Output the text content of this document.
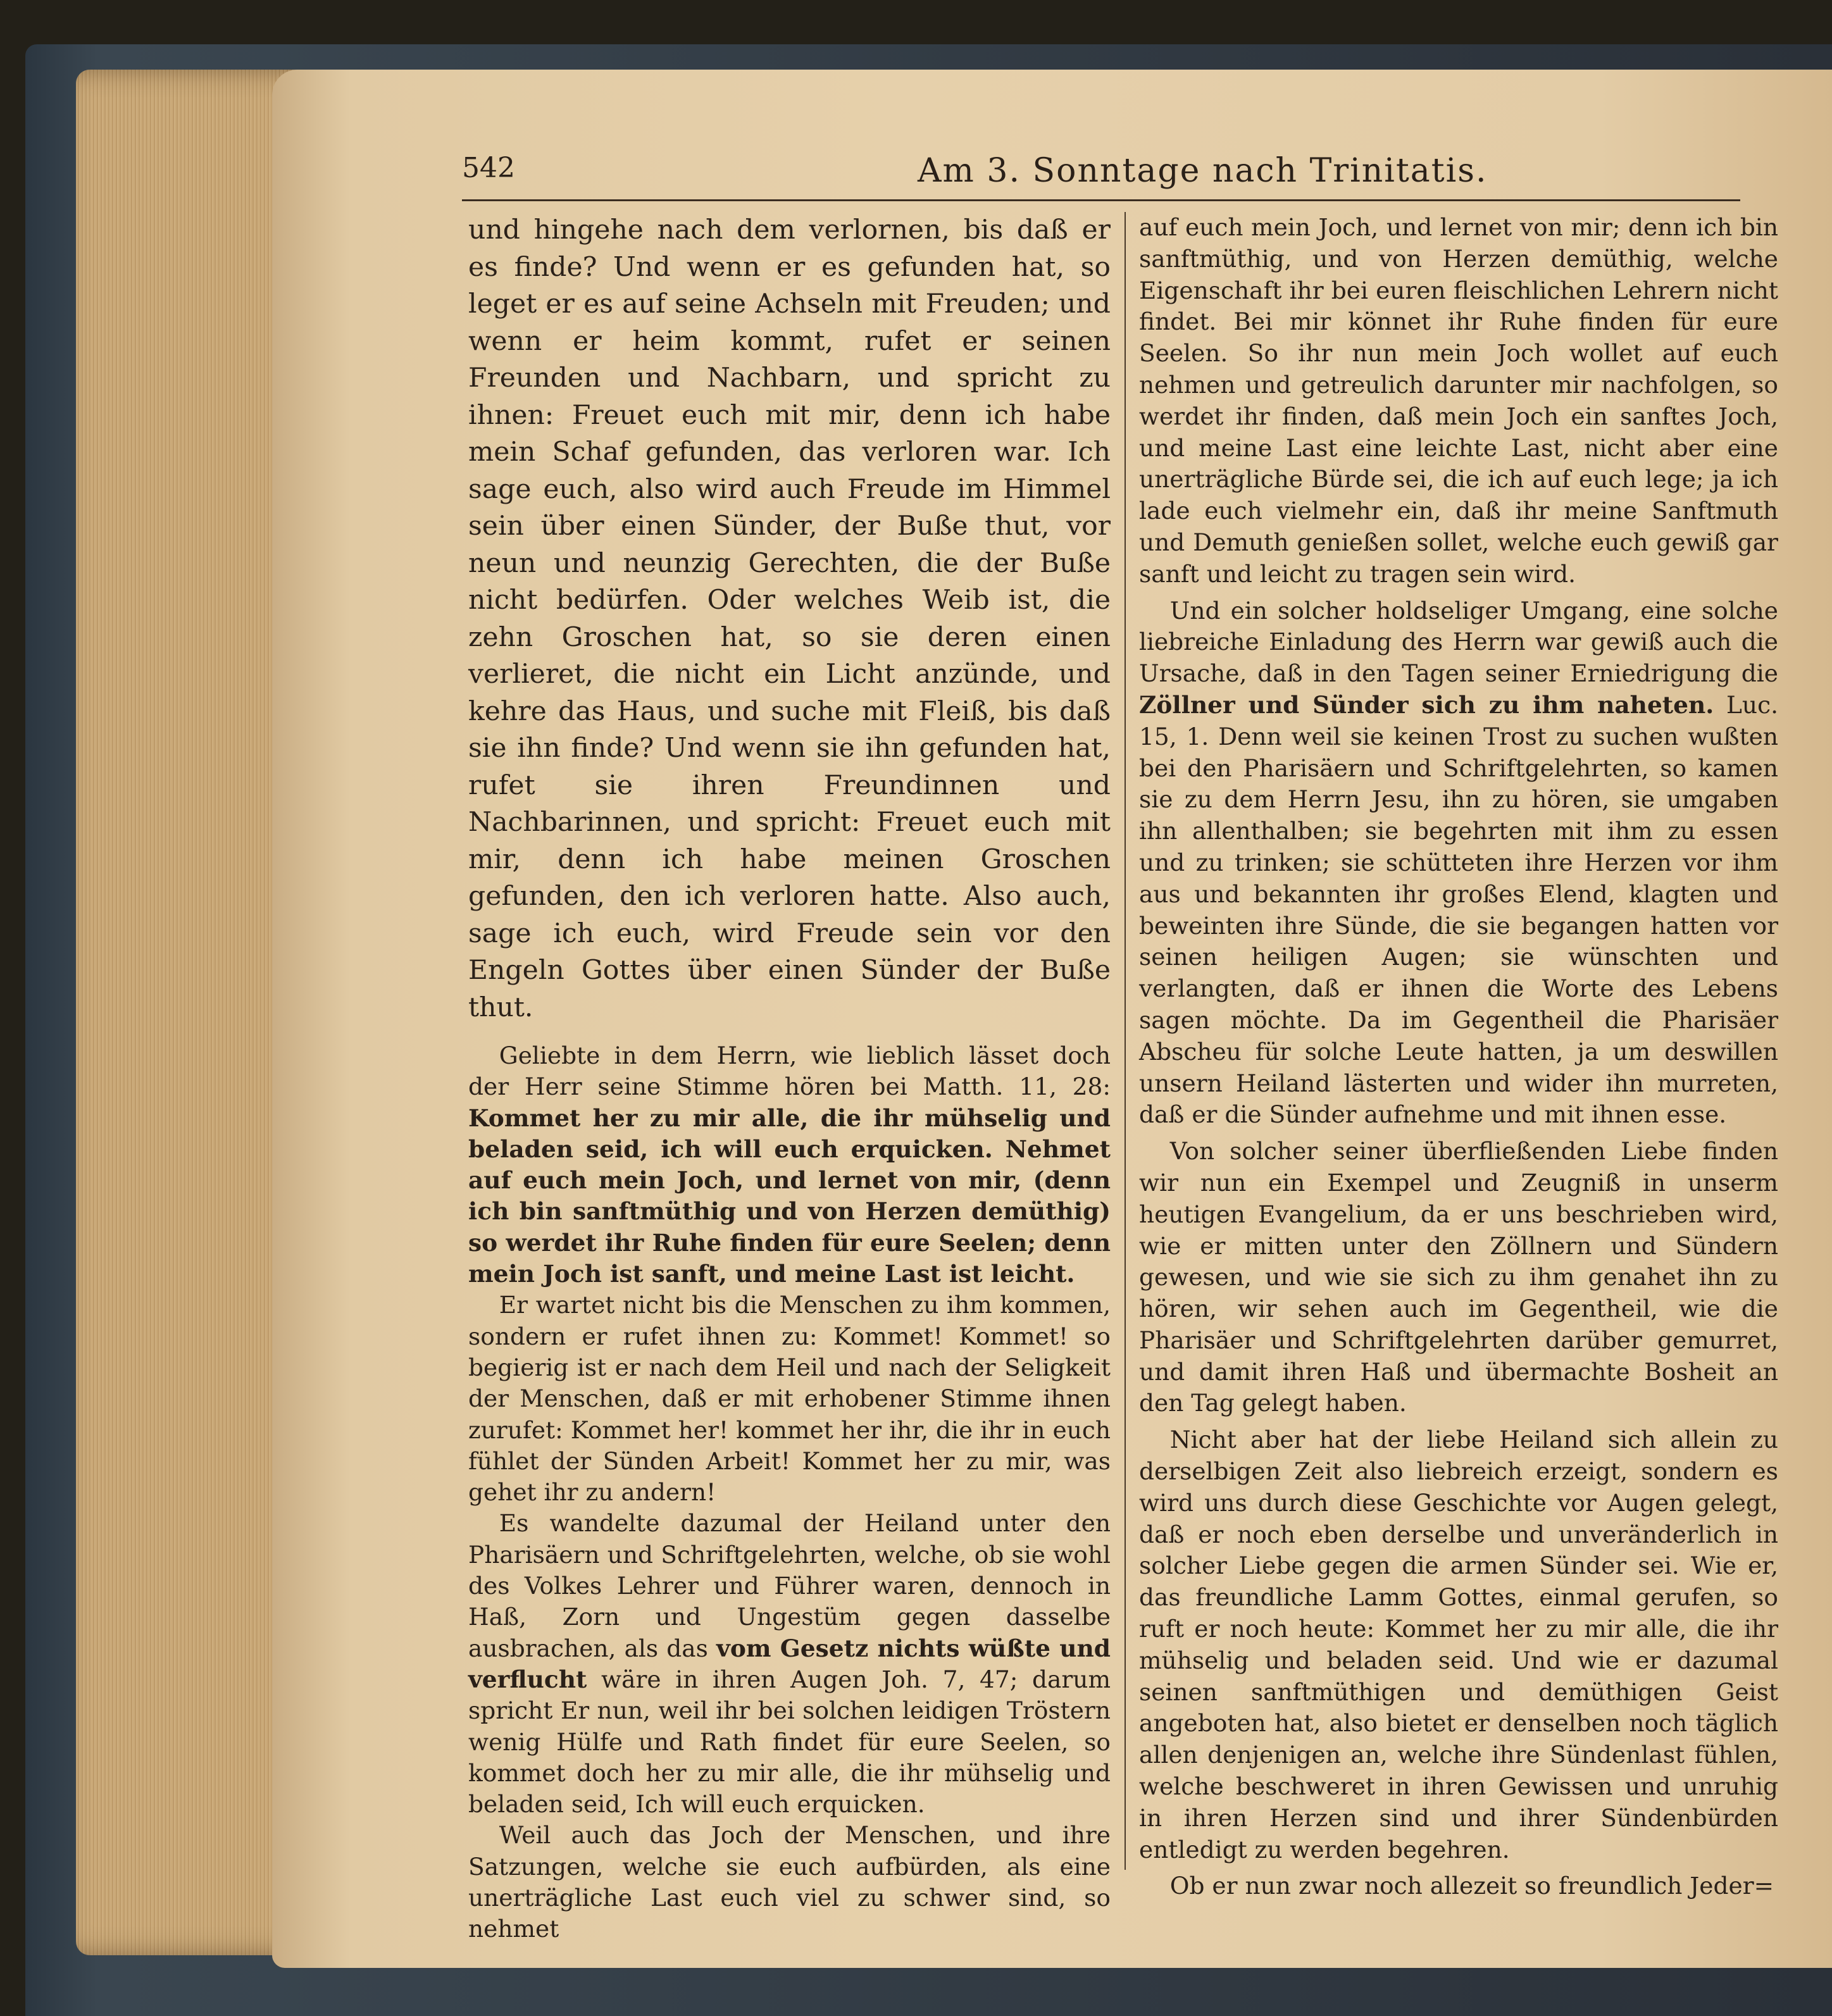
542	Am 3. Sonntage nach Trinitatis.

und hingehe nach dem verlornen, bis daß er es finde? Und wenn er es gefunden hat, so leget er es auf seine Achseln mit Freuden; und wenn er heim kommt, rufet er seinen Freunden und Nachbarn, und spricht zu ihnen: Freuet euch mit mir, denn ich habe mein Schaf gefunden, das verloren war. Ich sage euch, also wird auch Freude im Himmel sein über einen Sünder, der Buße thut, vor neun und neunzig Gerechten, die der Buße nicht bedürfen. Oder welches Weib ist, die zehn Groschen hat, so sie deren einen verlieret, die nicht ein Licht anzünde, und kehre das Haus, und suche mit Fleiß, bis daß sie ihn finde? Und wenn sie ihn gefunden hat, rufet sie ihren Freundinnen und Nachbarinnen, und spricht: Freuet euch mit mir, denn ich habe meinen Groschen gefunden, den ich verloren hatte. Also auch, sage ich euch, wird Freude sein vor den Engeln Gottes über einen Sünder der Buße thut.

Geliebte in dem Herrn, wie lieblich lässet doch der Herr seine Stimme hören bei Matth. 11, 28: Kommet her zu mir alle, die ihr mühselig und beladen seid, ich will euch erquicken. Nehmet auf euch mein Joch, und lernet von mir, (denn ich bin sanftmüthig und von Herzen demüthig) so werdet ihr Ruhe finden für eure Seelen; denn mein Joch ist sanft, und meine Last ist leicht.

Er wartet nicht bis die Menschen zu ihm kommen, sondern er rufet ihnen zu: Kommet! Kommet! so begierig ist er nach dem Heil und nach der Seligkeit der Menschen, daß er mit erhobener Stimme ihnen zurufet: Kommet her! kommet her ihr, die ihr in euch fühlet der Sünden Arbeit! Kommet her zu mir, was gehet ihr zu andern!

Es wandelte dazumal der Heiland unter den Pharisäern und Schriftgelehrten, welche, ob sie wohl des Volkes Lehrer und Führer waren, dennoch in Haß, Zorn und Ungestüm gegen dasselbe ausbrachen, als das vom Gesetz nichts wüßte und verflucht wäre in ihren Augen Joh. 7, 47; darum spricht Er nun, weil ihr bei solchen leidigen Tröstern wenig Hülfe und Rath findet für eure Seelen, so kommet doch her zu mir alle, die ihr mühselig und beladen seid, Ich will euch erquicken.

Weil auch das Joch der Menschen, und ihre Satzungen, welche sie euch aufbürden, als eine unerträgliche Last euch viel zu schwer sind, so nehmet

auf euch mein Joch, und lernet von mir; denn ich bin sanftmüthig, und von Herzen demüthig, welche Eigenschaft ihr bei euren fleischlichen Lehrern nicht findet. Bei mir könnet ihr Ruhe finden für eure Seelen. So ihr nun mein Joch wollet auf euch nehmen und getreulich darunter mir nachfolgen, so werdet ihr finden, daß mein Joch ein sanftes Joch, und meine Last eine leichte Last, nicht aber eine unerträgliche Bürde sei, die ich auf euch lege; ja ich lade euch vielmehr ein, daß ihr meine Sanftmuth und Demuth genießen sollet, welche euch gewiß gar sanft und leicht zu tragen sein wird.

Und ein solcher holdseliger Umgang, eine solche liebreiche Einladung des Herrn war gewiß auch die Ursache, daß in den Tagen seiner Erniedrigung die Zöllner und Sünder sich zu ihm naheten. Luc. 15, 1. Denn weil sie keinen Trost zu suchen wußten bei den Pharisäern und Schriftgelehrten, so kamen sie zu dem Herrn Jesu, ihn zu hören, sie umgaben ihn allenthalben; sie begehrten mit ihm zu essen und zu trinken; sie schütteten ihre Herzen vor ihm aus und bekannten ihr großes Elend, klagten und beweinten ihre Sünde, die sie begangen hatten vor seinen heiligen Augen; sie wünschten und verlangten, daß er ihnen die Worte des Lebens sagen möchte. Da im Gegentheil die Pharisäer Abscheu für solche Leute hatten, ja um deswillen unsern Heiland lästerten und wider ihn murreten, daß er die Sünder aufnehme und mit ihnen esse.

Von solcher seiner überfließenden Liebe finden wir nun ein Exempel und Zeugniß in unserm heutigen Evangelium, da er uns beschrieben wird, wie er mitten unter den Zöllnern und Sündern gewesen, und wie sie sich zu ihm genahet ihn zu hören, wir sehen auch im Gegentheil, wie die Pharisäer und Schriftgelehrten darüber gemurret, und damit ihren Haß und übermachte Bosheit an den Tag gelegt haben.

Nicht aber hat der liebe Heiland sich allein zu derselbigen Zeit also liebreich erzeigt, sondern es wird uns durch diese Geschichte vor Augen gelegt, daß er noch eben derselbe und unveränderlich in solcher Liebe gegen die armen Sünder sei. Wie er, das freundliche Lamm Gottes, einmal gerufen, so ruft er noch heute: Kommet her zu mir alle, die ihr mühselig und beladen seid. Und wie er dazumal seinen sanftmüthigen und demüthigen Geist angeboten hat, also bietet er denselben noch täglich allen denjenigen an, welche ihre Sündenlast fühlen, welche beschweret in ihren Gewissen und unruhig in ihren Herzen sind und ihrer Sündenbürden entledigt zu werden begehren.

Ob er nun zwar noch allezeit so freundlich Jeder=
